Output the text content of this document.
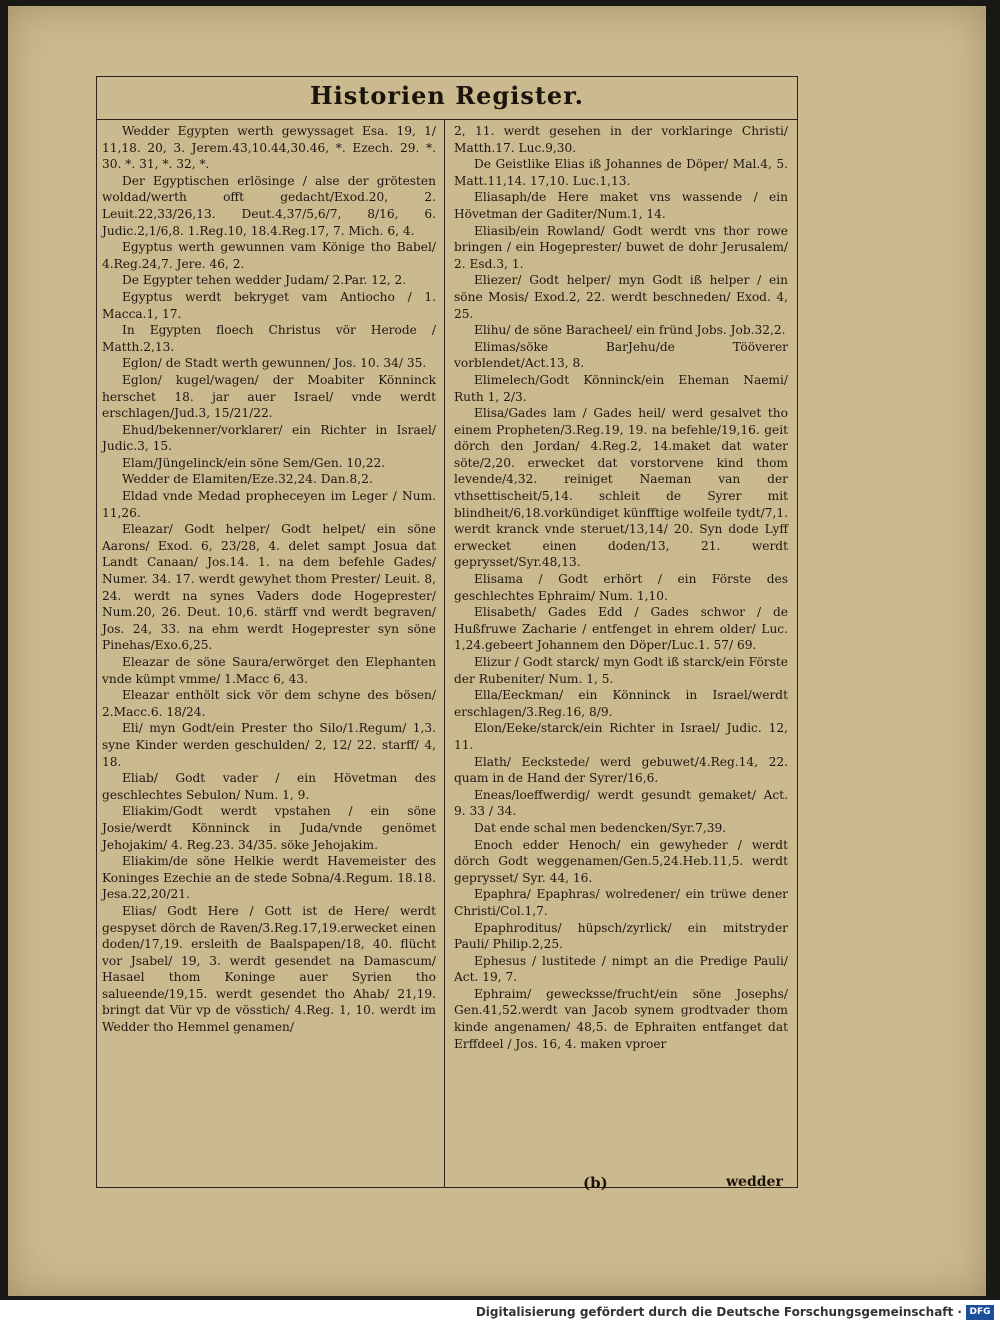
Historien Register.

Wedder Egypten werth gewyssaget Esa. 19, 1/ 11,18. 20, 3. Jerem.43,10.44,30.46, *. Ezech. 29. *. 30. *. 31, *. 32, *.

Der Egyptischen erlösinge / alse der grötesten woldad/werth offt gedacht/Exod.20, 2. Leuit.22,33/26,13. Deut.4,37/5,6/7, 8/16, 6. Judic.2,1/6,8. 1.Reg.10, 18.4.Reg.17, 7. Mich. 6, 4.

Egyptus werth gewunnen vam Könige tho Babel/ 4.Reg.24,7. Jere. 46, 2.

De Egypter tehen wedder Judam/ 2.Par. 12, 2.

Egyptus werdt bekryget vam Antiocho / 1. Macca.1, 17.

In Egypten floech Christus vör Herode / Matth.2,13.

Eglon/ de Stadt werth gewunnen/ Jos. 10. 34/ 35.

Eglon/ kugel/wagen/ der Moabiter Könninck herschet 18. jar auer Israel/ vnde werdt erschlagen/Jud.3, 15/21/22.

Ehud/bekenner/vorklarer/ ein Richter in Israel/ Judic.3, 15.

Elam/Jüngelinck/ein söne Sem/Gen. 10,22.

Wedder de Elamiten/Eze.32,24. Dan.8,2.

Eldad vnde Medad propheceyen im Leger / Num. 11,26.

Eleazar/ Godt helper/ Godt helpet/ ein söne Aarons/ Exod. 6, 23/28, 4. delet sampt Josua dat Landt Canaan/ Jos.14. 1. na dem befehle Gades/ Numer. 34. 17. werdt gewyhet thom Prester/ Leuit. 8, 24. werdt na synes Vaders dode Hogeprester/ Num.20, 26. Deut. 10,6. stärff vnd werdt begraven/ Jos. 24, 33. na ehm werdt Hogeprester syn söne Pinehas/Exo.6,25.

Eleazar de söne Saura/erwörget den Elephanten vnde kümpt vmme/ 1.Macc 6, 43.

Eleazar enthölt sick vör dem schyne des bösen/ 2.Macc.6. 18/24.

Eli/ myn Godt/ein Prester tho Silo/1.Regum/ 1,3. syne Kinder werden geschulden/ 2, 12/ 22. starff/ 4, 18.

Eliab/ Godt vader / ein Hövetman des geschlechtes Sebulon/ Num. 1, 9.

Eliakim/Godt werdt vpstahen / ein söne Josie/werdt Könninck in Juda/vnde genömet Jehojakim/ 4. Reg.23. 34/35. söke Jehojakim.

Eliakim/de söne Helkie werdt Havemeister des Koninges Ezechie an de stede Sobna/4.Regum. 18.18. Jesa.22,20/21.

Elias/ Godt Here / Gott ist de Here/ werdt gespyset dörch de Raven/3.Reg.17,19.erwecket einen doden/17,19. ersleith de Baalspapen/18, 40. flücht vor Jsabel/ 19, 3. werdt gesendet na Damascum/ Hasael thom Koninge auer Syrien tho salueende/19,15. werdt gesendet tho Ahab/ 21,19. bringt dat Vür vp de vösstich/ 4.Reg. 1, 10. werdt im Wedder tho Hemmel genamen/

2, 11. werdt gesehen in der vorklaringe Christi/ Matth.17. Luc.9,30.

De Geistlike Elias iß Johannes de Döper/ Mal.4, 5. Matt.11,14. 17,10. Luc.1,13.

Eliasaph/de Here maket vns wassende / ein Hövetman der Gaditer/Num.1, 14.

Eliasib/ein Rowland/ Godt werdt vns thor rowe bringen / ein Hogeprester/ buwet de dohr Jerusalem/ 2. Esd.3, 1.

Eliezer/ Godt helper/ myn Godt iß helper / ein söne Mosis/ Exod.2, 22. werdt beschneden/ Exod. 4, 25.

Elihu/ de söne Baracheel/ ein fründ Jobs. Job.32,2.

Elimas/söke BarJehu/de Tööverer vorblendet/Act.13, 8.

Elimelech/Godt Könninck/ein Eheman Naemi/ Ruth 1, 2/3.

Elisa/Gades lam / Gades heil/ werd gesalvet tho einem Propheten/3.Reg.19, 19. na befehle/19,16. geit dörch den Jordan/ 4.Reg.2, 14.maket dat water söte/2,20. erwecket dat vorstorvene kind thom levende/4,32. reiniget Naeman van der vthsettischeit/5,14. schleit de Syrer mit blindheit/6,18.vorkündiget künfftige wolfeile tydt/7,1. werdt kranck vnde steruet/13,14/ 20. Syn dode Lyff erwecket einen doden/13, 21. werdt geprysset/Syr.48,13.

Elisama / Godt erhört / ein Förste des geschlechtes Ephraim/ Num. 1,10.

Elisabeth/ Gades Edd / Gades schwor / de Hußfruwe Zacharie / entfenget in ehrem older/ Luc. 1,24.gebeert Johannem den Döper/Luc.1. 57/ 69.

Elizur / Godt starck/ myn Godt iß starck/ein Förste der Rubeniter/ Num. 1, 5.

Ella/Eeckman/ ein Könninck in Israel/werdt erschlagen/3.Reg.16, 8/9.

Elon/Eeke/starck/ein Richter in Israel/ Judic. 12, 11.

Elath/ Eeckstede/ werd gebuwet/4.Reg.14, 22. quam in de Hand der Syrer/16,6.

Eneas/loeffwerdig/ werdt gesundt gemaket/ Act. 9. 33 / 34.

Dat ende schal men bedencken/Syr.7,39.

Enoch edder Henoch/ ein gewyheder / werdt dörch Godt weggenamen/Gen.5,24.Heb.11,5. werdt geprysset/ Syr. 44, 16.

Epaphra/ Epaphras/ wolredener/ ein trüwe dener Christi/Col.1,7.

Epaphroditus/ hüpsch/zyrlick/ ein mitstryder Pauli/ Philip.2,25.

Ephesus / lustitede / nimpt an die Predige Pauli/ Act. 19, 7.

Ephraim/ gewecksse/frucht/ein söne Josephs/ Gen.41,52.werdt van Jacob synem grodtvader thom kinde angenamen/ 48,5. de Ephraiten entfanget dat Erffdeel / Jos. 16, 4. maken vproer

(b)	wedder
Digitalisierung gefördert durch die Deutsche Forschungsgemeinschaft · DFG
